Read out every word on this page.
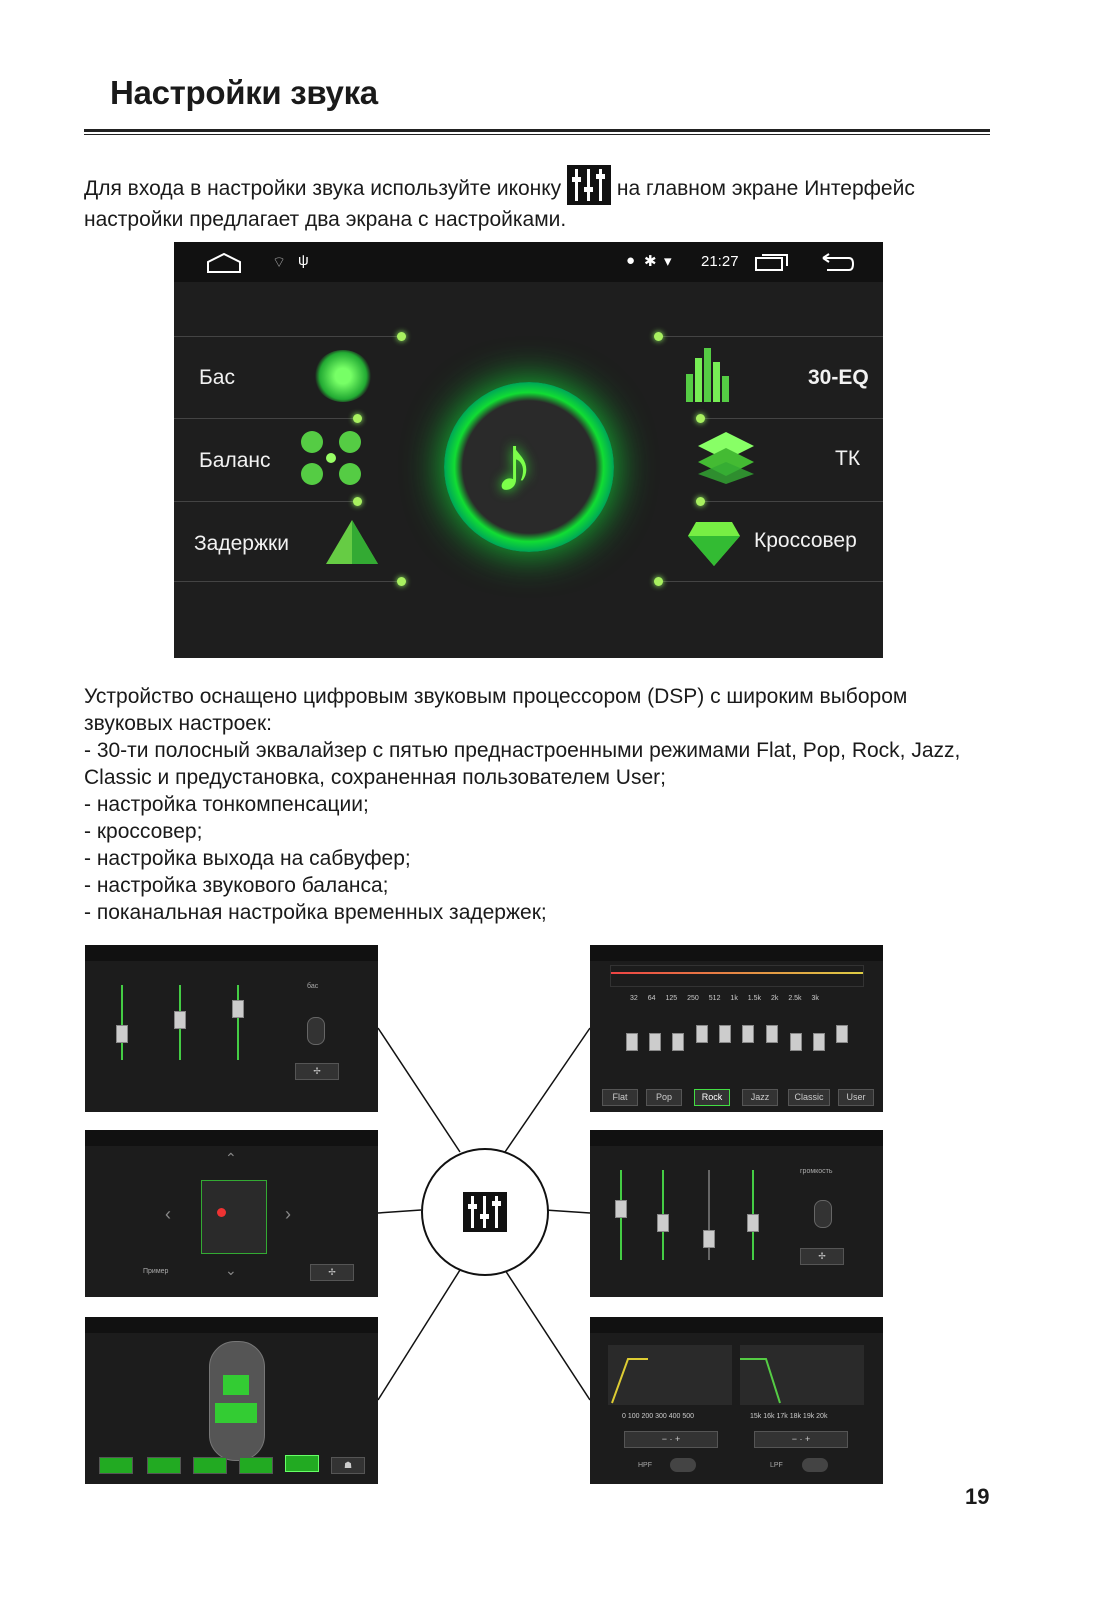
Настройки звука
Для входа в настройки звука используйте иконку	на главном экране Интерфейс
настройки предлагает два экрана с настройками.
⌔ ψ	● ✱ ▾ 21:27
♪
Бас
Баланс
Задержки
30-EQ
ТК
Кроссовер
Устройство оснащено цифровым звуковым процессором (DSP) с широким выбором
звуковых настроек:
- 30-ти полосный эквалайзер с пятью преднастроенными режимами Flat, Pop, Rock, Jazz,
Classic и предустановка, сохраненная пользователем User;
- настройка тонкомпенсации;
- кроссовер;
- настройка выхода на сабвуфер;
- настройка звукового баланса;
- поканальная настройка временных задержек;
бас
✢
‹	›
⌃
⌄
Пример	✢
☗
32 64 125 250 512 1k 1.5k 2k 2.5k 3k
Flat	Pop	Rock	Jazz	Classic	User
громкость
✢
0 100 200 300 400 500	15k 16k 17k 18k 19k 20k
− · +	− · +
HPF	LPF
19
